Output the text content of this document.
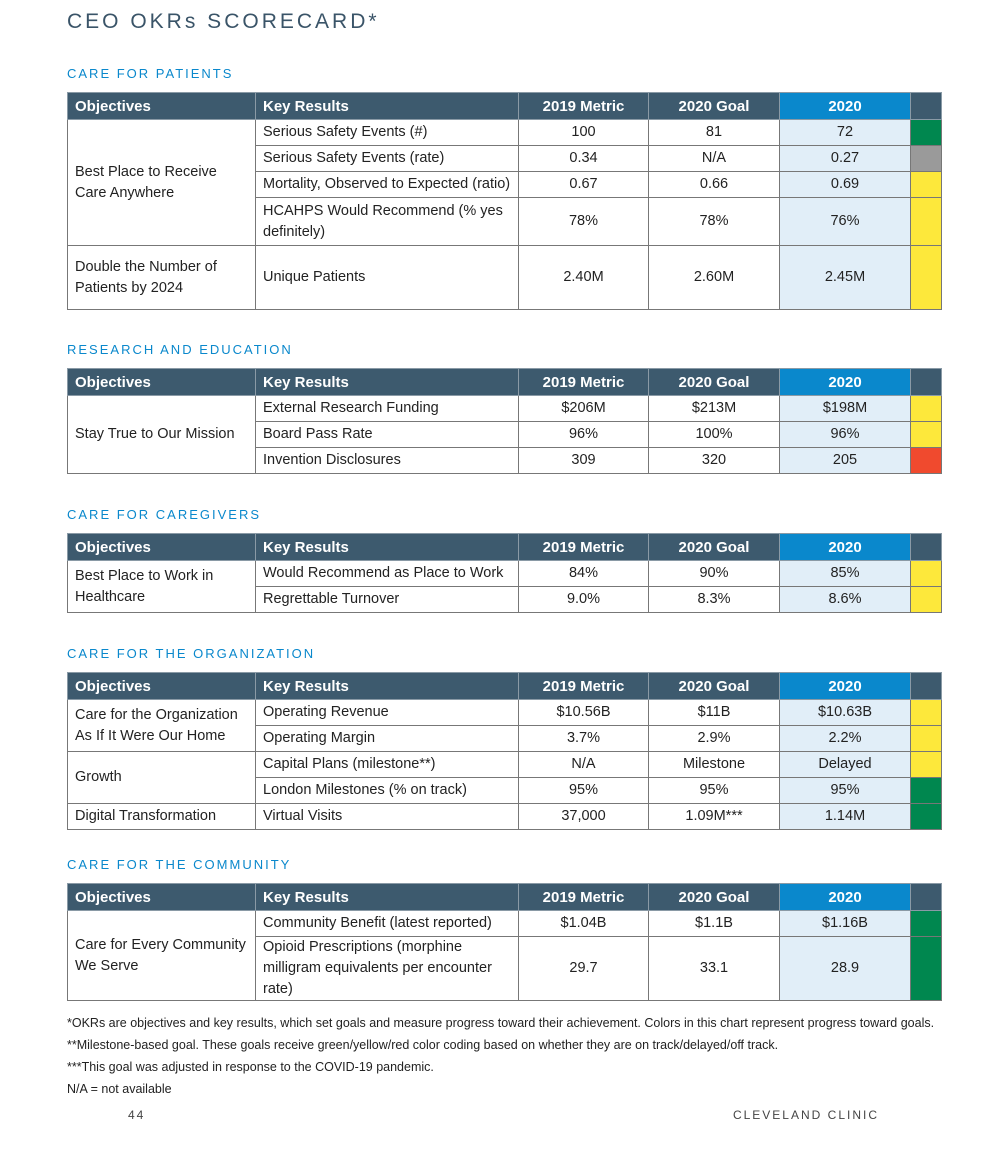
CEO OKRs SCORECARD*
CARE FOR PATIENTS
Objectives	Key Results	2019 Metric	2020 Goal	2020	
Best Place to Receive Care Anywhere	Serious Safety Events (#)	100	81	72	
	Serious Safety Events (rate)	0.34	N/A	0.27	
	Mortality, Observed to Expected (ratio)	0.67	0.66	0.69	
	HCAHPS Would Recommend (% yes definitely)	78%	78%	76%	
Double the Number of Patients by 2024	Unique Patients	2.40M	2.60M	2.45M	
RESEARCH AND EDUCATION
Objectives	Key Results	2019 Metric	2020 Goal	2020	
Stay True to Our Mission	External Research Funding	$206M	$213M	$198M	
	Board Pass Rate	96%	100%	96%	
	Invention Disclosures	309	320	205	
CARE FOR CAREGIVERS
Objectives	Key Results	2019 Metric	2020 Goal	2020	
Best Place to Work in Healthcare	Would Recommend as Place to Work	84%	90%	85%	
	Regrettable Turnover	9.0%	8.3%	8.6%	
CARE FOR THE ORGANIZATION
Objectives	Key Results	2019 Metric	2020 Goal	2020	
Care for the Organization As If It Were Our Home	Operating Revenue	$10.56B	$11B	$10.63B	
	Operating Margin	3.7%	2.9%	2.2%	
Growth	Capital Plans (milestone**)	N/A	Milestone	Delayed	
	London Milestones (% on track)	95%	95%	95%	
Digital Transformation	Virtual Visits	37,000	1.09M***	1.14M	
CARE FOR THE COMMUNITY
Objectives	Key Results	2019 Metric	2020 Goal	2020	
Care for Every Community We Serve	Community Benefit (latest reported)	$1.04B	$1.1B	$1.16B	
	Opioid Prescriptions (morphine milligram equivalents per encounter rate)	29.7	33.1	28.9	
*OKRs are objectives and key results, which set goals and measure progress toward their achievement. Colors in this chart represent progress toward goals.
**Milestone-based goal. These goals receive green/yellow/red color coding based on whether they are on track/delayed/off track.
***This goal was adjusted in response to the COVID-19 pandemic.
N/A = not available
44	CLEVELAND CLINIC
